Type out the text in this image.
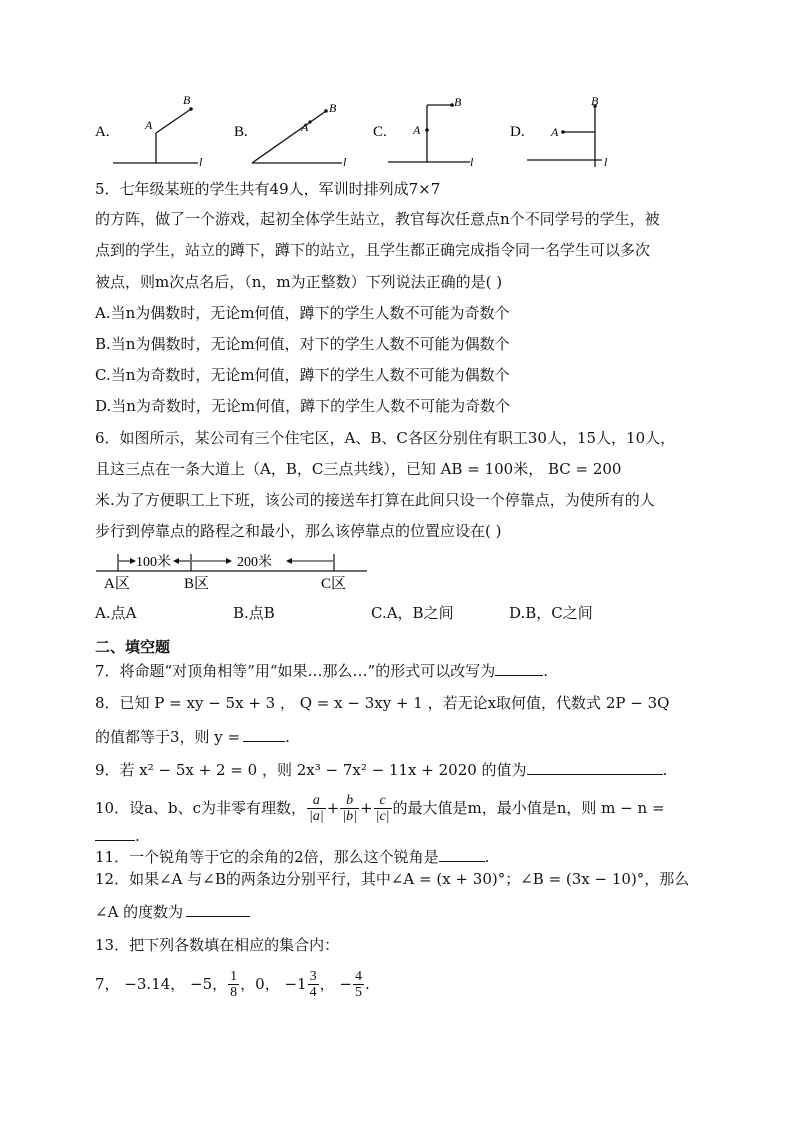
A.	A
B
l
B.	A
B
l
C. A
B
l
D. A
B
l
5．七年级某班的学生共有49人，军训时排列成7×7
的方阵，做了一个游戏，起初全体学生站立，教官每次任意点n个不同学号的学生，被
点到的学生，站立的蹲下，蹲下的站立，且学生都正确完成指令同一名学生可以多次
被点，则m次点名后，（n，m为正整数）下列说法正确的是( )
A.当n为偶数时，无论m何值，蹲下的学生人数不可能为奇数个
B.当n为偶数时，无论m何值，对下的学生人数不可能为偶数个
C.当n为奇数时，无论m何值，蹲下的学生人数不可能为偶数个
D.当n为奇数时，无论m何值，蹲下的学生人数不可能为奇数个
6．如图所示，某公司有三个住宅区，A、B、C各区分别住有职工30人，15人，10人，
且这三点在一条大道上（A，B，C三点共线），已知 AB = 100米， BC = 200
米.为了方便职工上下班，该公司的接送车打算在此间只设一个停靠点，为使所有的人
步行到停靠点的路程之和最小，那么该停靠点的位置应设在( )
100米	200米
A区	B区	C区
A.点A	B.点B	C.A，B之间	D.B，C之间
二、填空题
7．将命题“对顶角相等”用“如果…那么…”的形式可以改写为	.
8．已知 P = xy − 5x + 3 ， Q = x − 3xy + 1 ，若无论x取何值，代数式 2P − 3Q
的值都等于3，则 y =	.
9．若 x² − 5x + 2 = 0 ，则 2x³ − 7x² − 11x + 2020 的值为	.
10．设a、b、c为非零有理数， $\frac{a}{|a|} + \frac{b}{|b|} + \frac{c}{|c|}$ 的最大值是m，最小值是n，则 m − n =
.
11．一个锐角等于它的余角的2倍，那么这个锐角是	.
12．如果∠A 与∠B的两条边分别平行，其中∠A = (x + 30)°；∠B = (3x − 10)°，那么
∠A 的度数为
13．把下列各数填在相应的集合内：
7， −3.14， −5， $\frac{1}{8}$ ，0， $-1 \frac{3}{4}$ ， − $\frac{4}{5}$ .
